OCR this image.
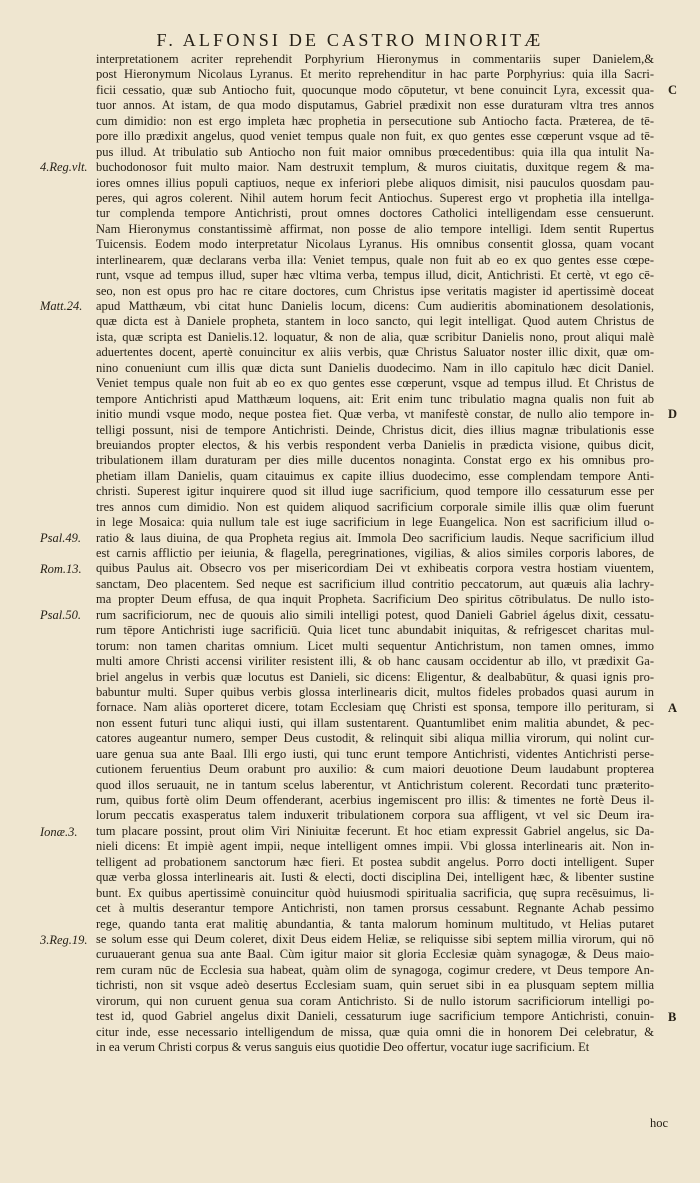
F. ALFONSI DE CASTRO MINORITÆ
interpretationem acriter reprehendit Porphyrium Hieronymus in commentariis super Danielem,&
post Hieronymum Nicolaus Lyranus. Et merito reprehenditur in hac parte Porphyrius: quia illa Sacri-
ficii cessatio, quæ sub Antiocho fuit, quocunque modo cōputetur, vt bene conuincit Lyra, excessit qua-
tuor annos. At istam, de qua modo disputamus, Gabriel prædixit non esse duraturam vltra tres annos
cum dimidio: non est ergo impleta hæc prophetia in persecutione sub Antiocho facta. Præterea, de tē-
pore illo prædixit angelus, quod veniet tempus quale non fuit, ex quo gentes esse cœperunt vsque ad tē-
pus illud. At tribulatio sub Antiocho non fuit maior omnibus prœcedentibus: quia illa qua intulit Na-
buchodonosor fuit multo maior. Nam destruxit templum, & muros ciuitatis, duxitque regem & ma-
iores omnes illius populi captiuos, neque ex inferiori plebe aliquos dimisit, nisi pauculos quosdam pau-
peres, qui agros colerent. Nihil autem horum fecit Antiochus. Superest ergo vt prophetia illa intellga-
tur complenda tempore Antichristi, prout omnes doctores Catholici intelligendam esse censuerunt.
Nam Hieronymus constantissimè affirmat, non posse de alio tempore intelligi. Idem sentit Rupertus
Tuicensis. Eodem modo interpretatur Nicolaus Lyranus. His omnibus consentit glossa, quam vocant
interlinearem, quæ declarans verba illa: Veniet tempus, quale non fuit ab eo ex quo gentes esse cœpe-
runt, vsque ad tempus illud, super hæc vltima verba, tempus illud, dicit, Antichristi. Et certè, vt ego cē-
seo, non est opus pro hac re citare doctores, cum Christus ipse veritatis magister id apertissimè doceat
apud Matthæum, vbi citat hunc Danielis locum, dicens: Cum audieritis abominationem desolationis,
quæ dicta est à Daniele propheta, stantem in loco sancto, qui legit intelligat. Quod autem Christus de
ista, quæ scripta est Danielis.12. loquatur, & non de alia, quæ scribitur Danielis nono, prout aliqui malè
aduertentes docent, apertè conuincitur ex aliis verbis, quæ Christus Saluator noster illic dixit, quæ om-
nino conueniunt cum illis quæ dicta sunt Danielis duodecimo. Nam in illo capitulo hæc dicit Daniel.
Veniet tempus quale non fuit ab eo ex quo gentes esse cœperunt, vsque ad tempus illud. Et Christus de
tempore Antichristi apud Matthæum loquens, ait: Erit enim tunc tribulatio magna qualis non fuit ab
initio mundi vsque modo, neque postea fiet. Quæ verba, vt manifestè constar, de nullo alio tempore in-
telligi possunt, nisi de tempore Antichristi. Deinde, Christus dicit, dies illius magnæ tribulationis esse
breuiandos propter electos, & his verbis respondent verba Danielis in prædicta visione, quibus dicit,
tribulationem illam duraturam per dies mille ducentos nonaginta. Constat ergo ex his omnibus pro-
phetiam illam Danielis, quam citauimus ex capite illius duodecimo, esse complendam tempore Anti-
christi. Superest igitur inquirere quod sit illud iuge sacrificium, quod tempore illo cessaturum esse per
tres annos cum dimidio. Non est quidem aliquod sacrificium corporale simile illis quæ olim fuerunt
in lege Mosaica: quia nullum tale est iuge sacrificium in lege Euangelica. Non est sacrificium illud o-
ratio & laus diuina, de qua Propheta regius ait. Immola Deo sacrificium laudis. Neque sacrificium illud
est carnis afflictio per ieiunia, & flagella, peregrinationes, vigilias, & alios similes corporis labores, de
quibus Paulus ait. Obsecro vos per misericordiam Dei vt exhibeatis corpora vestra hostiam viuentem,
sanctam, Deo placentem. Sed neque est sacrificium illud contritio peccatorum, aut quæuis alia lachry-
ma propter Deum effusa, de qua inquit Propheta. Sacrificium Deo spiritus cōtribulatus. De nullo isto-
rum sacrificiorum, nec de quouis alio simili intelligi potest, quod Danieli Gabriel ágelus dixit, cessatu-
rum tēpore Antichristi iuge sacrificiū. Quia licet tunc abundabit iniquitas, & refrigescet charitas mul-
torum: non tamen charitas omnium. Licet multi sequentur Antichristum, non tamen omnes, immo
multi amore Christi accensi viriliter resistent illi, & ob hanc causam occidentur ab illo, vt prædixit Ga-
briel angelus in verbis quæ locutus est Danieli, sic dicens: Eligentur, & dealbabūtur, & quasi ignis pro-
babuntur multi. Super quibus verbis glossa interlinearis dicit, multos fideles probados quasi aurum in
fornace. Nam aliàs oporteret dicere, totam Ecclesiam quę Christi est sponsa, tempore illo perituram, si
non essent futuri tunc aliqui iusti, qui illam sustentarent. Quantumlibet enim malitia abundet, & pec-
catores augeantur numero, semper Deus custodit, & relinquit sibi aliqua millia virorum, qui nolint cur-
uare genua sua ante Baal. Illi ergo iusti, qui tunc erunt tempore Antichristi, videntes Antichristi perse-
cutionem feruentius Deum orabunt pro auxilio: & cum maiori deuotione Deum laudabunt propterea
quod illos seruauit, ne in tantum scelus laberentur, vt Antichristum colerent. Recordati tunc præterito-
rum, quibus fortè olim Deum offenderant, acerbius ingemiscent pro illis: & timentes ne fortè Deus il-
lorum peccatis exasperatus talem induxerit tribulationem corpora sua affligent, vt vel sic Deum ira-
tum placare possint, prout olim Viri Niniuitæ fecerunt. Et hoc etiam expressit Gabriel angelus, sic Da-
nieli dicens: Et impiè agent impii, neque intelligent omnes impii. Vbi glossa interlinearis ait. Non in-
telligent ad probationem sanctorum hæc fieri. Et postea subdit angelus. Porro docti intelligent. Super
quæ verba glossa interlinearis ait. Iusti & electi, docti disciplina Dei, intelligent hæc, & libenter sustine
bunt. Ex quibus apertissimè conuincitur quòd huiusmodi spiritualia sacrificia, quę supra recēsuimus, li-
cet à multis deserantur tempore Antichristi, non tamen prorsus cessabunt. Regnante Achab pessimo
rege, quando tanta erat malitię abundantia, & tanta malorum hominum multitudo, vt Helias putaret
se solum esse qui Deum coleret, dixit Deus eidem Heliæ, se reliquisse sibi septem millia virorum, qui nō
curuauerant genua sua ante Baal. Cùm igitur maior sit gloria Ecclesiæ quàm synagogæ, & Deus maio-
rem curam nūc de Ecclesia sua habeat, quàm olim de synagoga, cogimur credere, vt Deus tempore An-
tichristi, non sit vsque adeò desertus Ecclesiam suam, quin seruet sibi in ea plusquam septem millia
virorum, qui non curuent genua sua coram Antichristo. Si de nullo istorum sacrificiorum intelligi po-
test id, quod Gabriel angelus dixit Danieli, cessaturum iuge sacrificium tempore Antichristi, conuin-
citur inde, esse necessario intelligendum de missa, quæ quia omni die in honorem Dei celebratur, &
in ea verum Christi corpus & verus sanguis eius quotidie Deo offertur, vocatur iuge sacrificium. Et
4.Reg.vlt.
Matt.24.
Psal.49.
Rom.13.
Psal.50.
Ionæ.3.
3.Reg.19.
C
D
A
B
hoc
